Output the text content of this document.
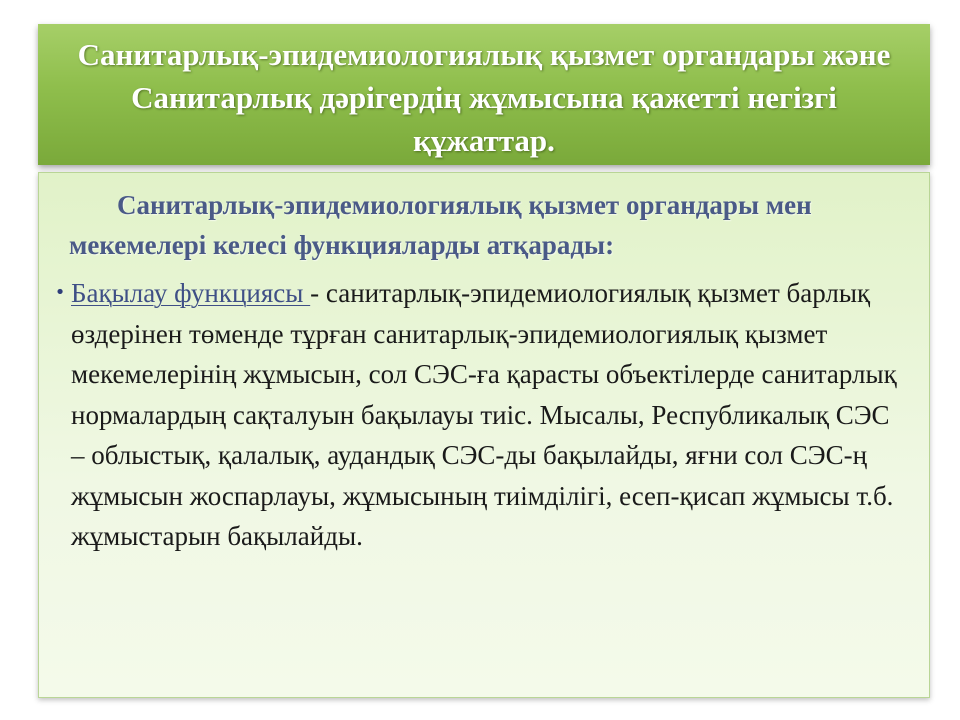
Санитарлық-эпидемиологиялық қызмет органдары және Санитарлық дәрігердің жұмысына қажетті негізгі құжаттар.

Санитарлық-эпидемиологиялық қызмет органдары мен мекемелері келесі функцияларды атқарады:

• Бақылау функциясы - санитарлық-эпидемиологиялық қызмет барлық өздерінен төменде тұрған санитарлық-эпидемиологиялық қызмет мекемелерінің жұмысын, сол СЭС-ға қарасты объектілерде санитарлық нормалардың сақталуын бақылауы тиіс. Мысалы, Республикалық СЭС – облыстық, қалалық, аудандық СЭС-ды бақылайды, яғни сол СЭС-ң жұмысын жоспарлауы, жұмысының тиімділігі, есеп-қисап жұмысы т.б. жұмыстарын бақылайды.
